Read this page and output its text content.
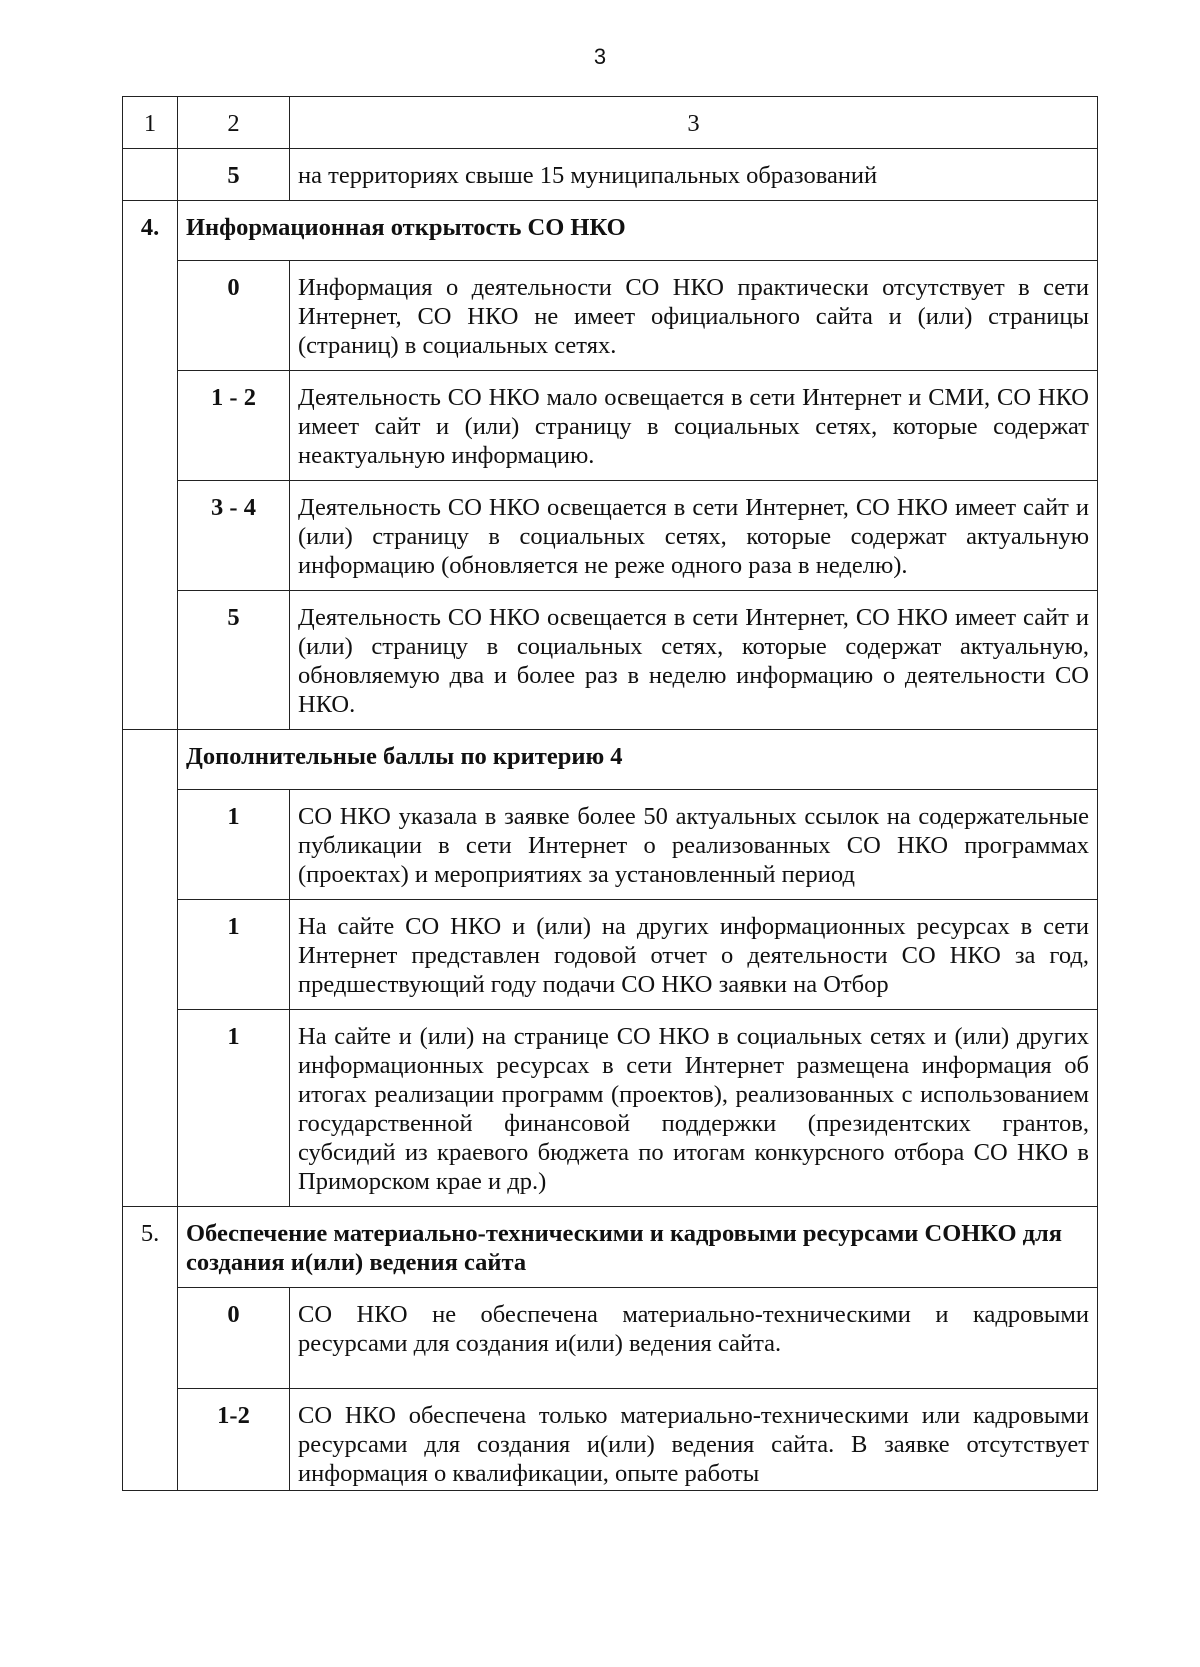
3
1	2	3
	5	на территориях свыше 15 муниципальных образований
4.	Информационная открытость СО НКО	
	0	Информация о деятельности СО НКО практически отсутствует в сети Интернет, СО НКО не имеет официального сайта и (или) страницы (страниц) в социальных сетях.
	1 - 2	Деятельность СО НКО мало освещается в сети Интернет и СМИ, СО НКО имеет сайт и (или) страницу в социальных сетях, которые содержат неактуальную информацию.
	3 - 4	Деятельность СО НКО освещается в сети Интернет, СО НКО имеет сайт и (или) страницу в социальных сетях, которые содержат актуальную информацию (обновляется не реже одного раза в неделю).
	5	Деятельность СО НКО освещается в сети Интернет, СО НКО имеет сайт и (или) страницу в социальных сетях, которые содержат актуальную, обновляемую два и более раз в неделю информацию о деятельности СО НКО.
	Дополнительные баллы по критерию 4	
	1	СО НКО указала в заявке более 50 актуальных ссылок на содержательные публикации в сети Интернет о реализованных СО НКО программах (проектах) и мероприятиях за установленный период
	1	На сайте СО НКО и (или) на других информационных ресурсах в сети Интернет представлен годовой отчет о деятельности СО НКО за год, предшествующий году подачи СО НКО заявки на Отбор
	1	На сайте и (или) на странице СО НКО в социальных сетях и (или) других информационных ресурсах в сети Интернет размещена информация об итогах реализации программ (проектов), реализованных с использованием государственной финансовой поддержки (президентских грантов, субсидий из краевого бюджета по итогам конкурсного отбора СО НКО в Приморском крае и др.)
5.	Обеспечение материально-техническими и кадровыми ресурсами СОНКО для создания и(или) ведения сайта	
	0	СО НКО не обеспечена материально-техническими и кадровыми ресурсами для создания и(или) ведения сайта.
	1-2	СО НКО обеспечена только материально-техническими или кадровыми ресурсами для создания и(или) ведения сайта. В заявке отсутствует информация о квалификации, опыте работы
